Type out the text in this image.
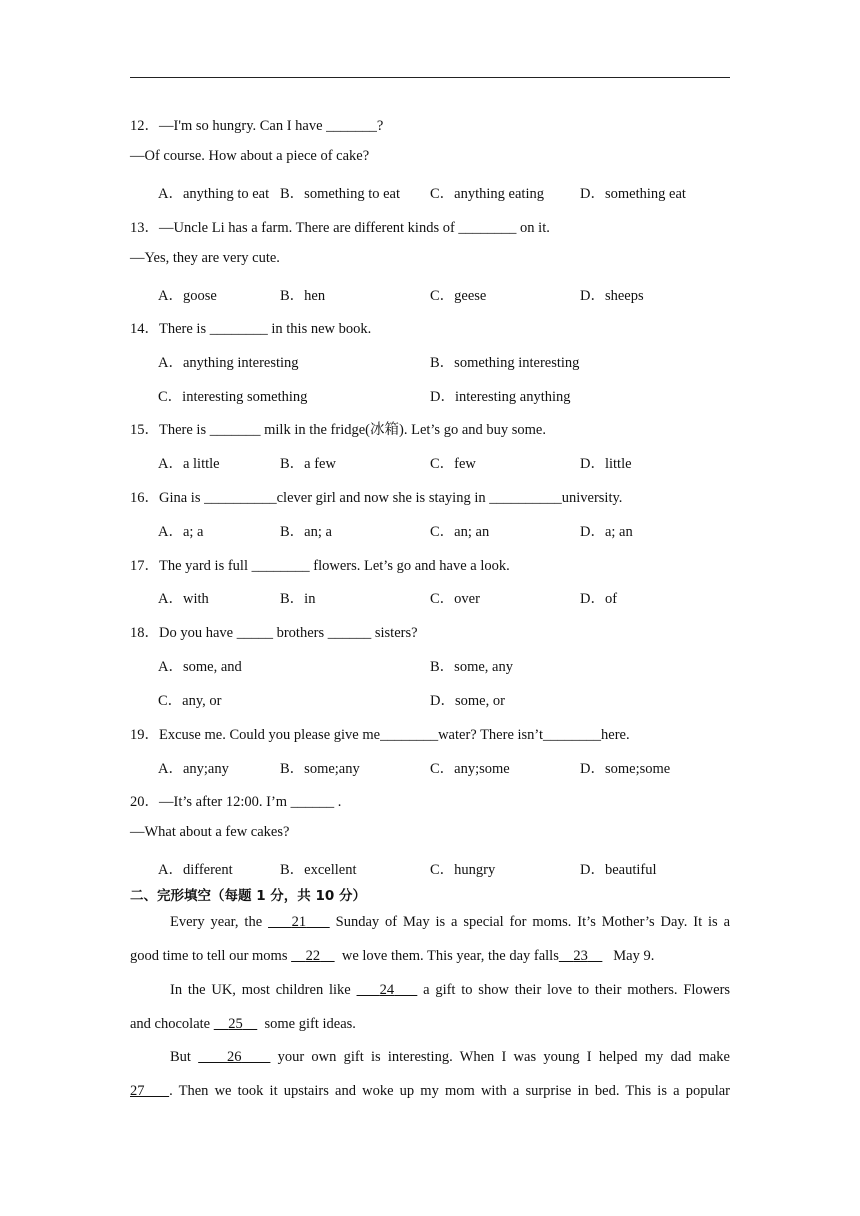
12．—I'm so hungry. Can I have _______?
—Of course. How about a piece of cake?
A．anything to eat B．something to eat C．anything eating D．something eat
13．—Uncle Li has a farm. There are different kinds of ________ on it.
—Yes, they are very cute.
A．goose	B．hen	C．geese	D．sheeps
14．There is ________ in this new book.
A．anything interesting	B．something interesting
C．interesting something	D．interesting anything
15．There is _______ milk in the fridge(冰箱). Let’s go and buy some.
A．a little	B．a few	C．few	D．little
16．Gina is __________clever girl and now she is staying in __________university.
A．a; a	B．an; a	C．an; an	D．a; an
17．The yard is full ________ flowers. Let’s go and have a look.
A．with	B．in	C．over	D．of
18．Do you have _____ brothers ______ sisters?
A．some, and	B．some, any
C．any, or	D．some, or
19．Excuse me. Could you please give me________water? There isn’t________here.
A．any;any	B．some;any	C．any;some	D．some;some
20．—It’s after 12:00. I’m ______ .
—What about a few cakes?
A．different	B．excellent	C．hungry	D．beautiful
二、完形填空（每题 1 分，共 10 分）
Every year, the 21 Sunday of May is a special for moms. It’s Mother’s Day. It is a
good time to tell our moms 22 we love them. This year, the day falls 23 May 9.
In the UK, most children like 24 a gift to show their love to their mothers. Flowers
and chocolate 25 some gift ideas.
But 26 your own gift is interesting. When I was young I helped my dad make
27 . Then we took it upstairs and woke up my mom with a surprise in bed. This is a popular
